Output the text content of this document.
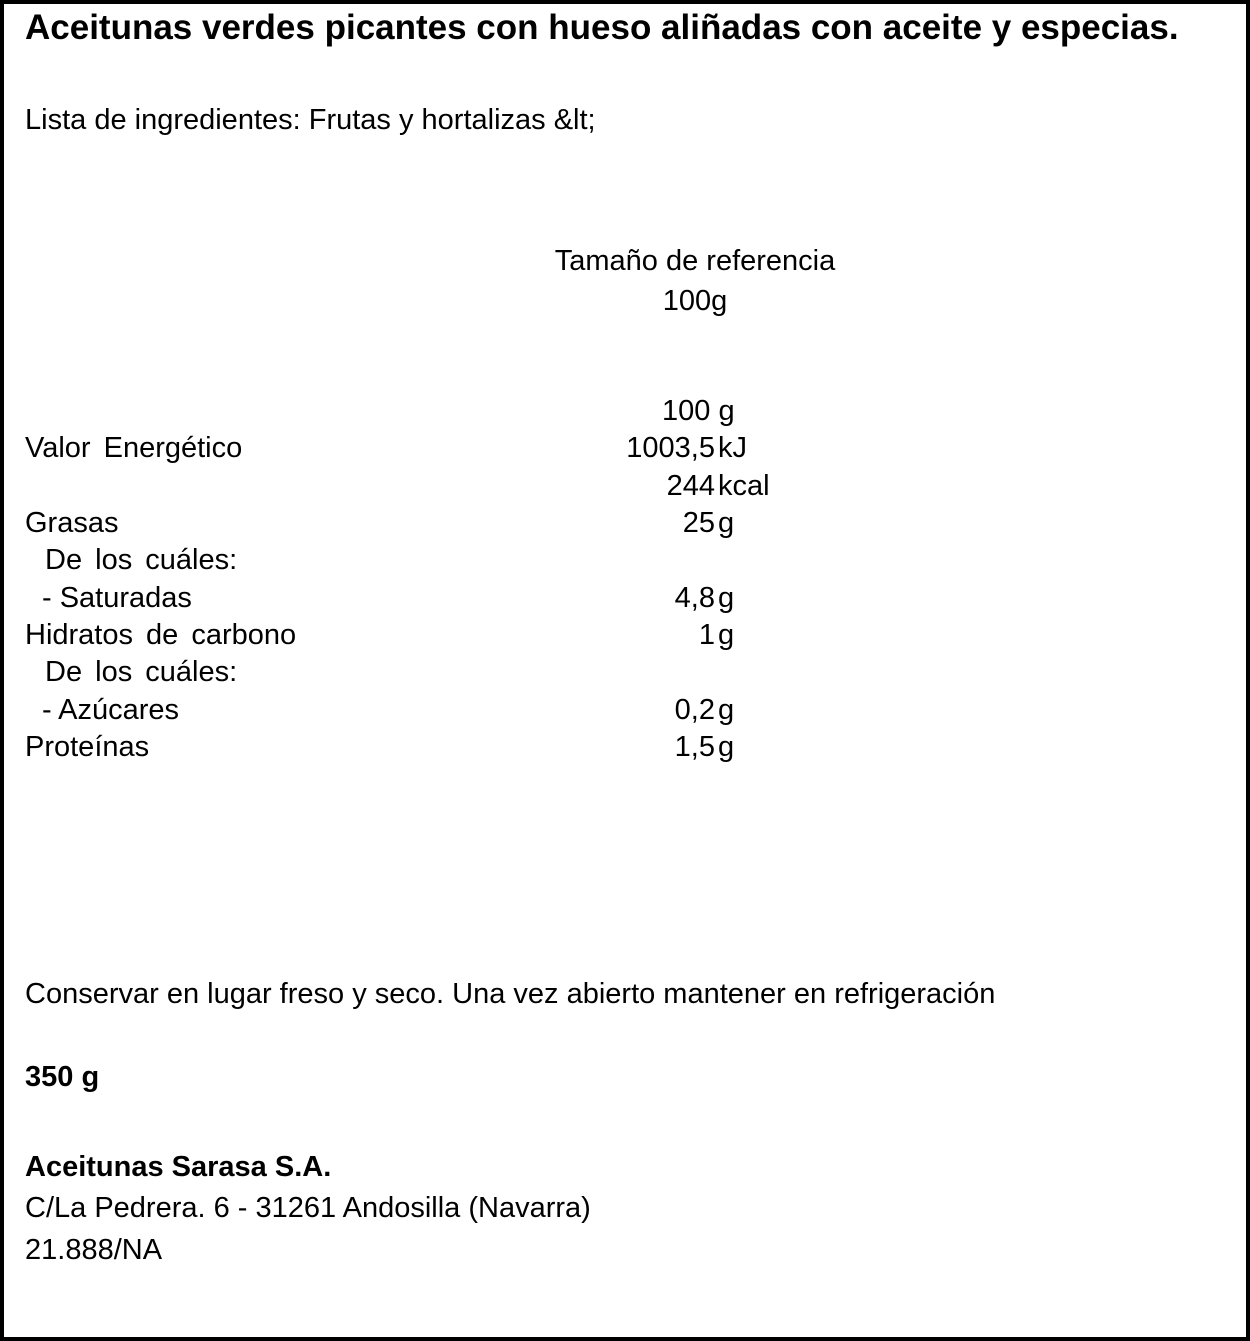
Aceitunas verdes picantes con hueso aliñadas con aceite y especias.
Lista de ingredientes: Frutas y hortalizas &lt;
Tamaño de referencia
100g
100 g
Valor Energético	1003,5 kJ
244 kcal
Grasas	25 g
De los cuáles:
- Saturadas	4,8 g
Hidratos de carbono	1 g
De los cuáles:
- Azúcares	0,2 g
Proteínas	1,5 g
Conservar en lugar freso y seco. Una vez abierto mantener en refrigeración
350 g
Aceitunas Sarasa S.A.
C/La Pedrera. 6 - 31261 Andosilla (Navarra)
21.888/NA
